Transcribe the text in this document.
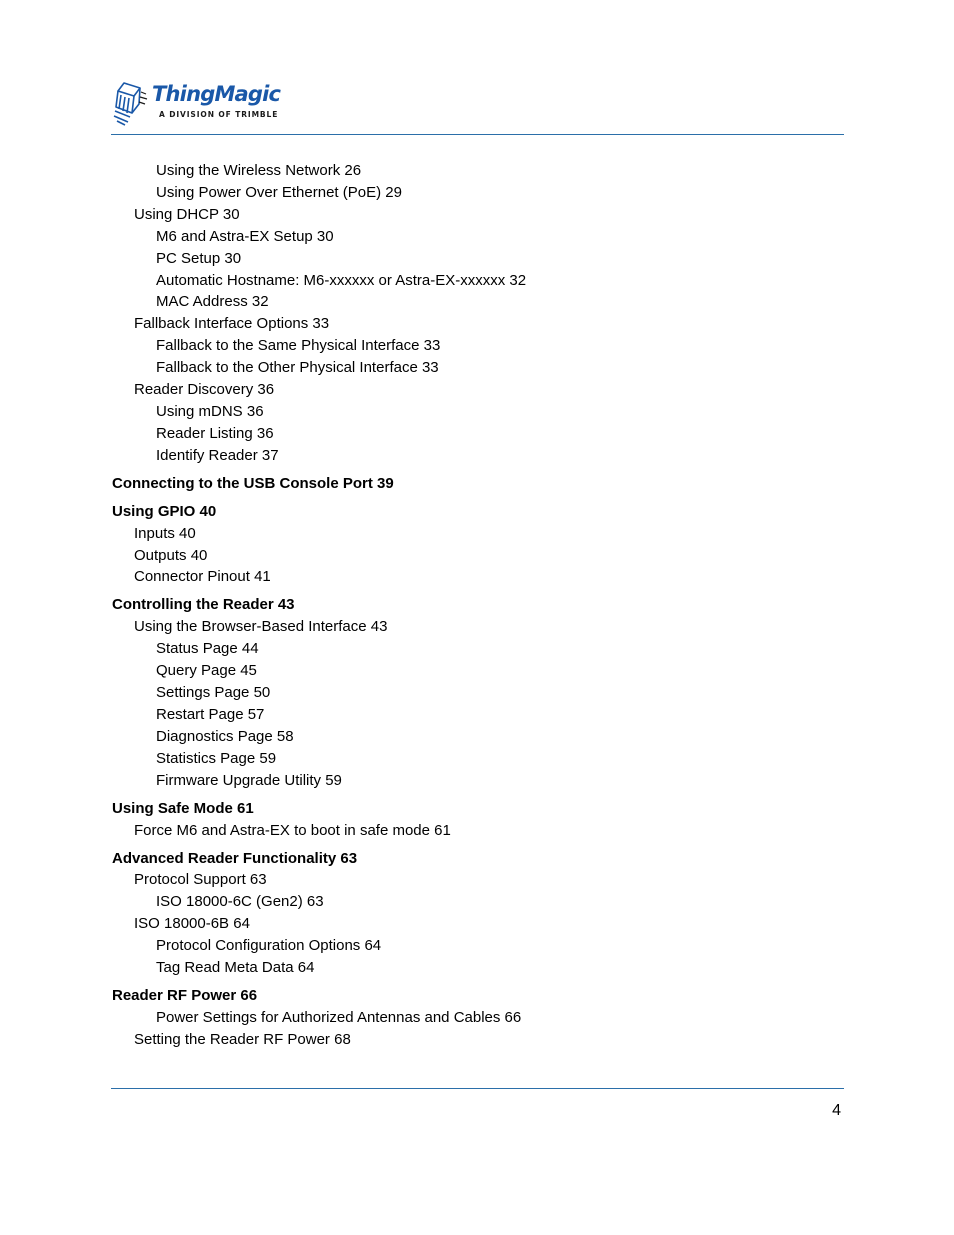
ThingMagic
A DIVISION OF TRIMBLE
Using the Wireless Network 26
Using Power Over Ethernet (PoE) 29
Using DHCP 30
M6 and Astra-EX Setup 30
PC Setup 30
Automatic Hostname: M6-xxxxxx or Astra-EX-xxxxxx 32
MAC Address 32
Fallback Interface Options 33
Fallback to the Same Physical Interface 33
Fallback to the Other Physical Interface 33
Reader Discovery 36
Using mDNS 36
Reader Listing 36
Identify Reader 37
Connecting to the USB Console Port 39
Using GPIO 40
Inputs 40
Outputs 40
Connector Pinout 41
Controlling the Reader 43
Using the Browser-Based Interface 43
Status Page 44
Query Page 45
Settings Page 50
Restart Page 57
Diagnostics Page 58
Statistics Page 59
Firmware Upgrade Utility 59
Using Safe Mode 61
Force M6 and Astra-EX to boot in safe mode 61
Advanced Reader Functionality 63
Protocol Support 63
ISO 18000-6C (Gen2) 63
ISO 18000-6B 64
Protocol Configuration Options 64
Tag Read Meta Data 64
Reader RF Power 66
Power Settings for Authorized Antennas and Cables 66
Setting the Reader RF Power 68
4
